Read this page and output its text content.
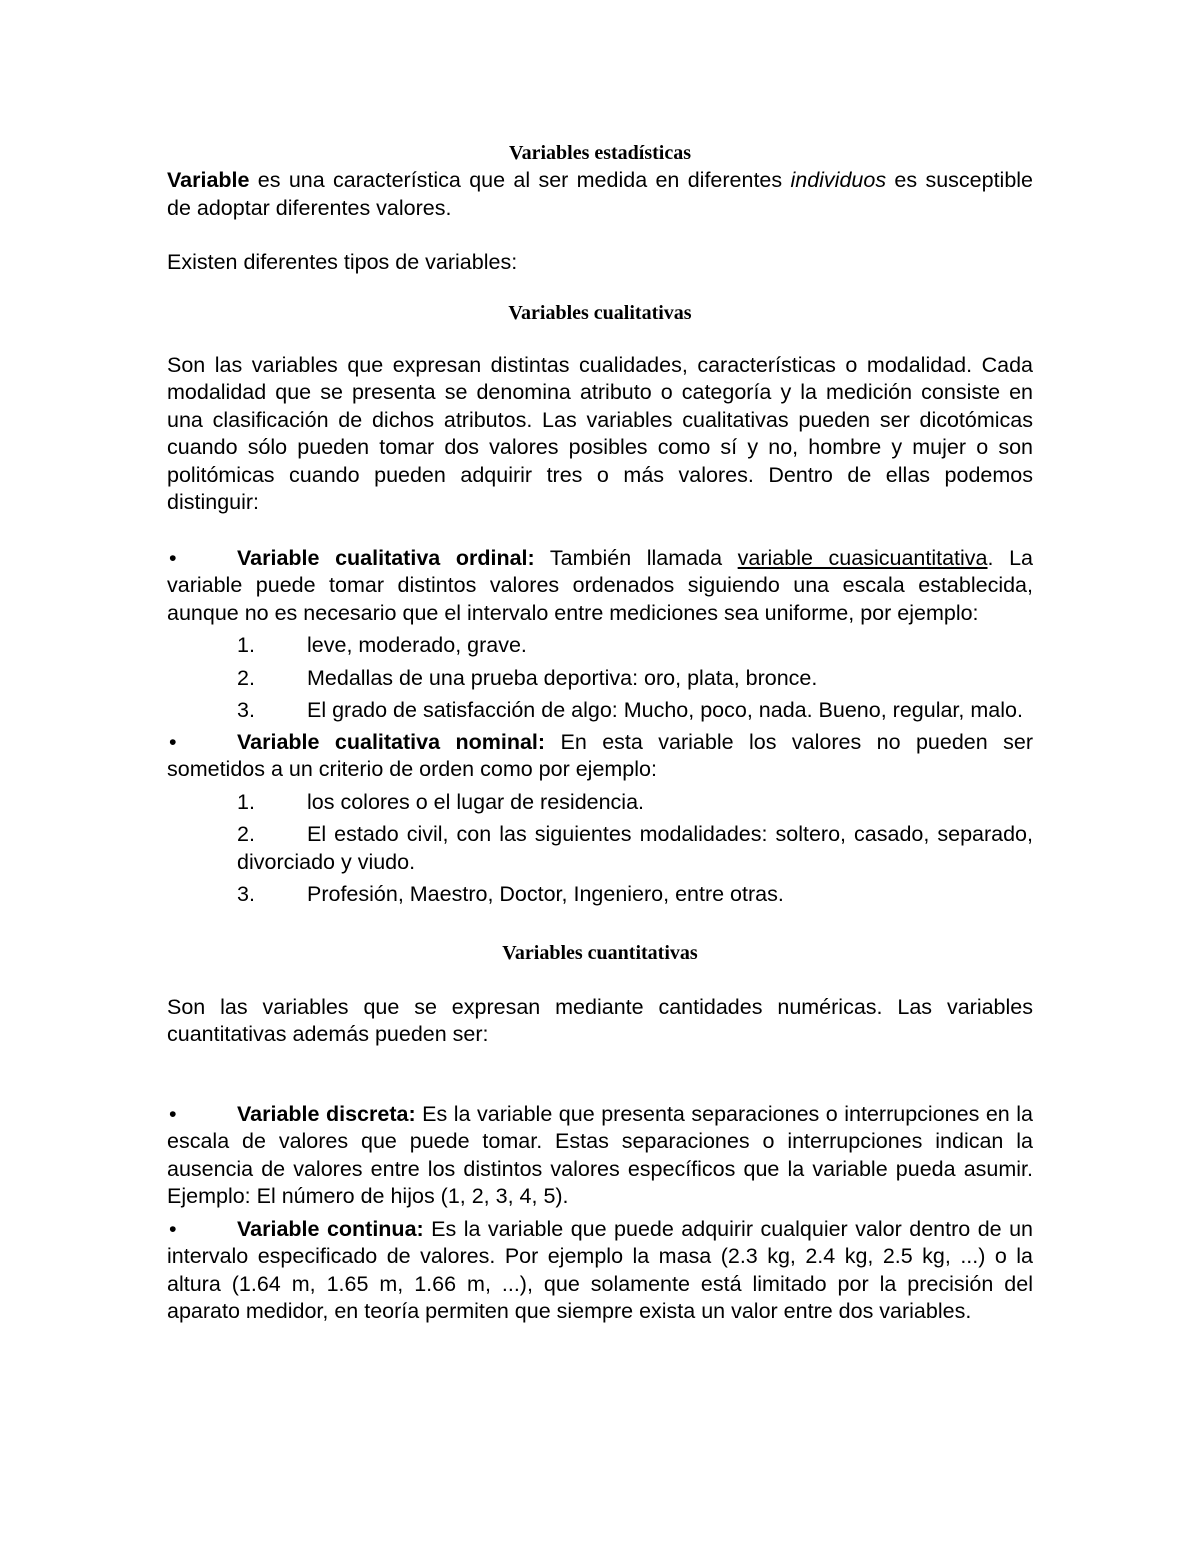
Variables estadísticas

Variable es una característica que al ser medida en diferentes individuos es susceptible de adoptar diferentes valores.

Existen diferentes tipos de variables:

Variables cualitativas

Son las variables que expresan distintas cualidades, características o modalidad. Cada modalidad que se presenta se denomina atributo o categoría y la medición consiste en una clasificación de dichos atributos. Las variables cualitativas pueden ser dicotómicas cuando sólo pueden tomar dos valores posibles como sí y no, hombre y mujer o son politómicas cuando pueden adquirir tres o más valores. Dentro de ellas podemos distinguir:

•	Variable cualitativa ordinal: También llamada variable cuasicuantitativa. La variable puede tomar distintos valores ordenados siguiendo una escala establecida, aunque no es necesario que el intervalo entre mediciones sea uniforme, por ejemplo:

1. leve, moderado, grave.

2. Medallas de una prueba deportiva: oro, plata, bronce.

3. El grado de satisfacción de algo: Mucho, poco, nada. Bueno, regular, malo.

•	Variable cualitativa nominal: En esta variable los valores no pueden ser sometidos a un criterio de orden como por ejemplo:

1. los colores o el lugar de residencia.

2. El estado civil, con las siguientes modalidades: soltero, casado, separado, divorciado y viudo.

3. Profesión, Maestro, Doctor, Ingeniero, entre otras.

Variables cuantitativas

Son las variables que se expresan mediante cantidades numéricas. Las variables cuantitativas además pueden ser:

•	Variable discreta: Es la variable que presenta separaciones o interrupciones en la escala de valores que puede tomar. Estas separaciones o interrupciones indican la ausencia de valores entre los distintos valores específicos que la variable pueda asumir. Ejemplo: El número de hijos (1, 2, 3, 4, 5).

•	Variable continua: Es la variable que puede adquirir cualquier valor dentro de un intervalo especificado de valores. Por ejemplo la masa (2.3 kg, 2.4 kg, 2.5 kg, ...) o la altura (1.64 m, 1.65 m, 1.66 m, ...), que solamente está limitado por la precisión del aparato medidor, en teoría permiten que siempre exista un valor entre dos variables.
